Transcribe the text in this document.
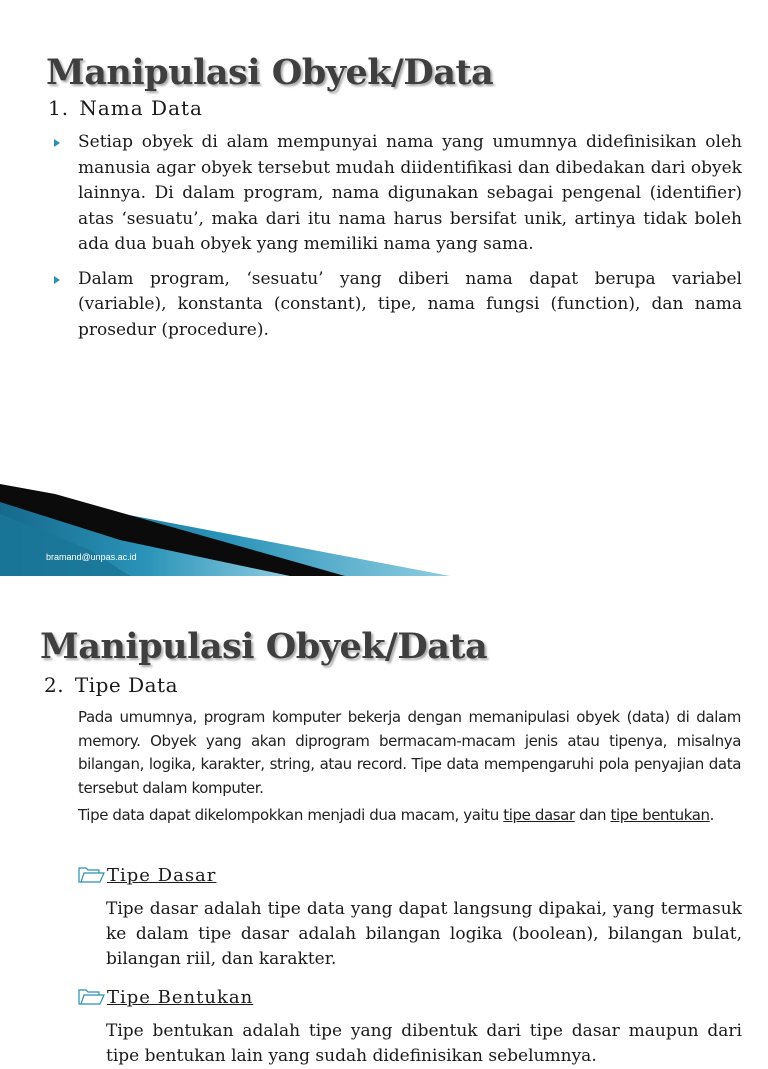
Manipulasi Obyek/Data

1. Nama Data

Setiap obyek di alam mempunyai nama yang umumnya didefinisikan oleh manusia agar obyek tersebut mudah diidentifikasi dan dibedakan dari obyek lainnya. Di dalam program, nama digunakan sebagai pengenal (identifier) atas ‘sesuatu’, maka dari itu nama harus bersifat unik, artinya tidak boleh ada dua buah obyek yang memiliki nama yang sama.
Dalam program, ‘sesuatu’ yang diberi nama dapat berupa variabel (variable), konstanta (constant), tipe, nama fungsi (function), dan nama prosedur (procedure).
bramand@unpas.ac.id
Manipulasi Obyek/Data

2. Tipe Data

Pada umumnya, program komputer bekerja dengan memanipulasi obyek (data) di dalam memory. Obyek yang akan diprogram bermacam-macam jenis atau tipenya, misalnya bilangan, logika, karakter, string, atau record. Tipe data mempengaruhi pola penyajian data tersebut dalam komputer.

Tipe data dapat dikelompokkan menjadi dua macam, yaitu tipe dasar dan tipe bentukan.

Tipe Dasar

Tipe dasar adalah tipe data yang dapat langsung dipakai, yang termasuk ke dalam tipe dasar adalah bilangan logika (boolean), bilangan bulat, bilangan riil, dan karakter.

Tipe Bentukan

Tipe bentukan adalah tipe yang dibentuk dari tipe dasar maupun dari tipe bentukan lain yang sudah didefinisikan sebelumnya.
